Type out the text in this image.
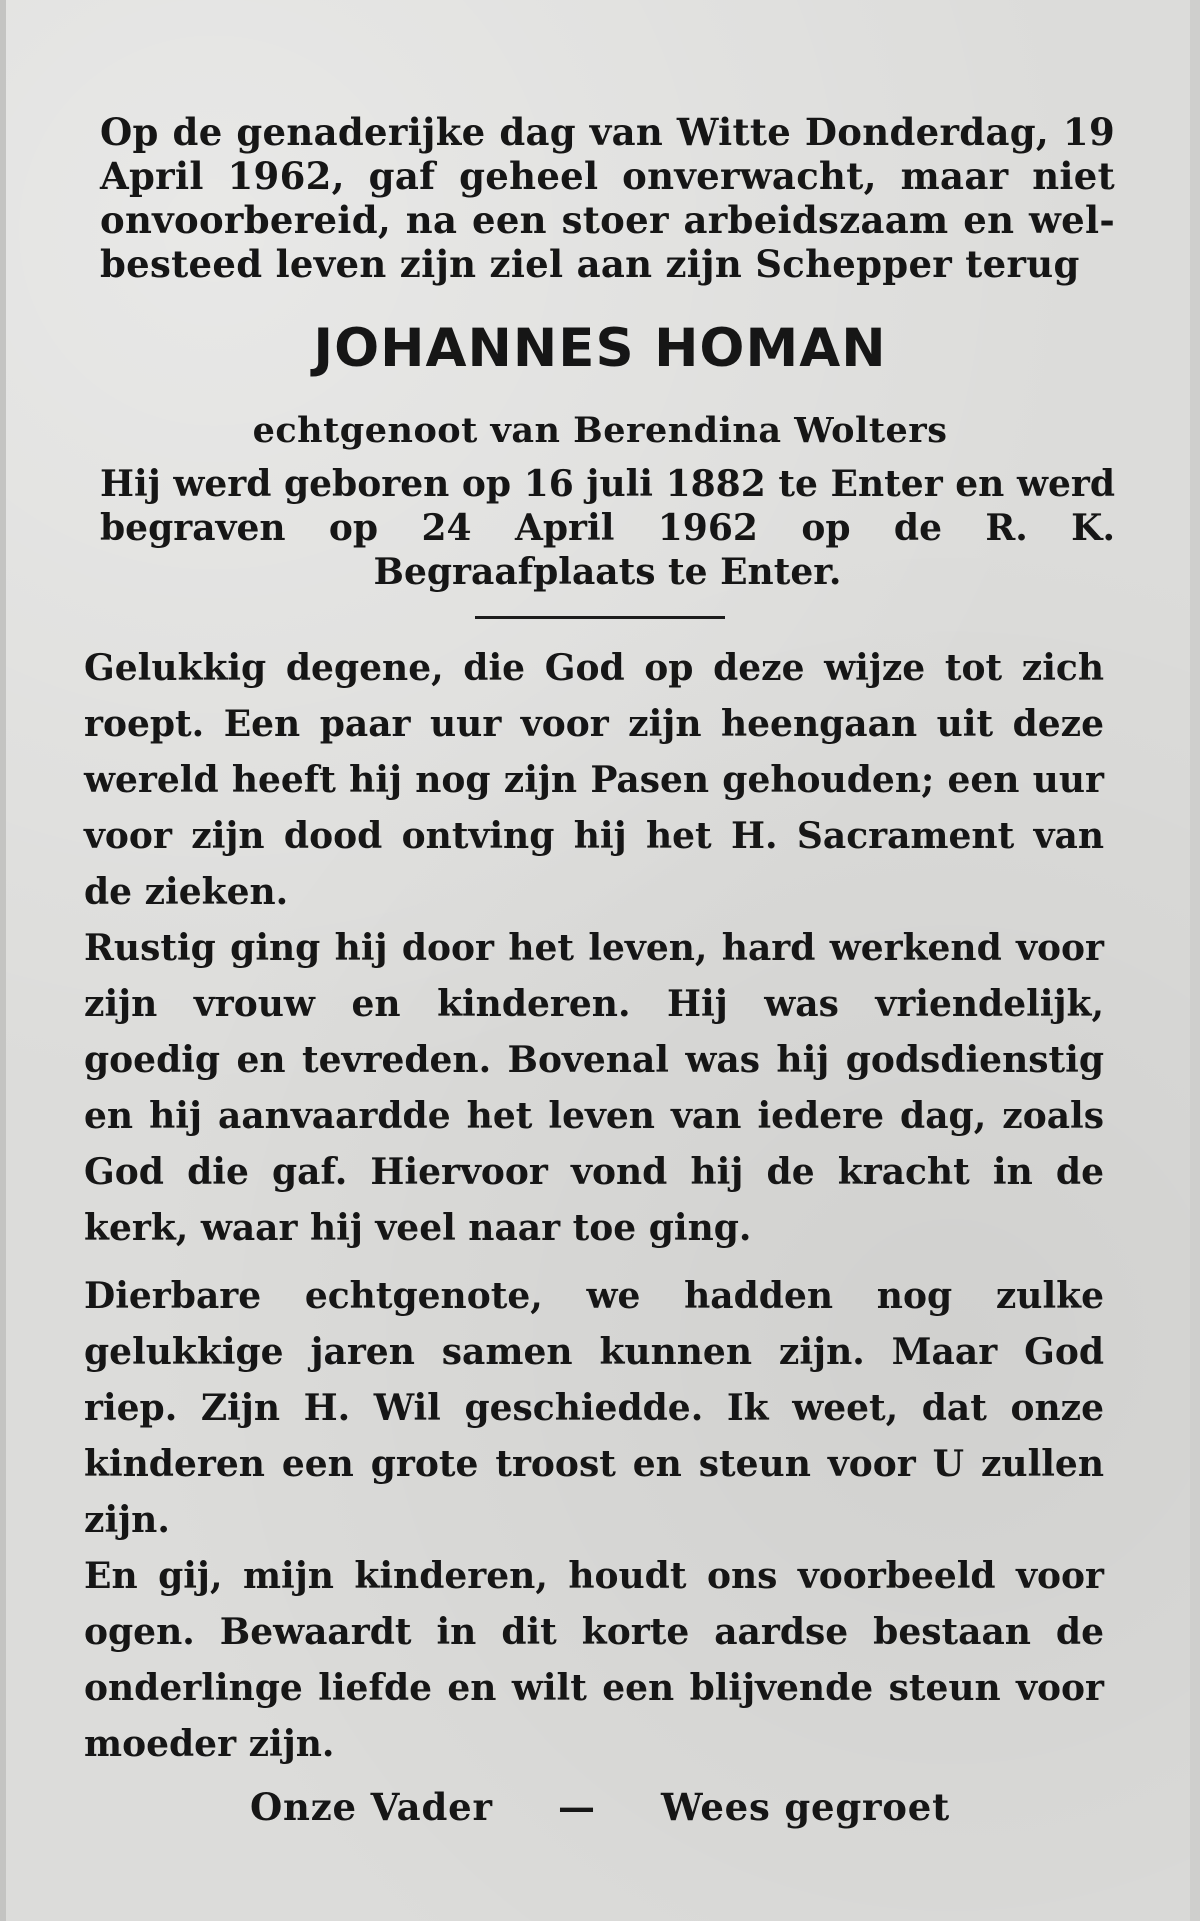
Op de genaderijke dag van Witte Donderdag, 19 April 1962, gaf geheel onverwacht, maar niet onvoorbereid, na een stoer arbeidszaam en wel-besteed leven zijn ziel aan zijn Schepper terug
JOHANNES HOMAN
echtgenoot van Berendina Wolters
Hij werd geboren op 16 juli 1882 te Enter en werd begraven op 24 April 1962 op de R. K. Begraafplaats te Enter.

Gelukkig degene, die God op deze wijze tot zich roept. Een paar uur voor zijn heengaan uit deze wereld heeft hij nog zijn Pasen gehouden; een uur voor zijn dood ontving hij het H. Sacrament van de zieken.

Rustig ging hij door het leven, hard werkend voor zijn vrouw en kinderen. Hij was vriendelijk, goedig en tevreden. Bovenal was hij godsdienstig en hij aanvaardde het leven van iedere dag, zoals God die gaf. Hiervoor vond hij de kracht in de kerk, waar hij veel naar toe ging.

Dierbare echtgenote, we hadden nog zulke gelukkige jaren samen kunnen zijn. Maar God riep. Zijn H. Wil geschiedde. Ik weet, dat onze kinderen een grote troost en steun voor U zullen zijn.

En gij, mijn kinderen, houdt ons voorbeeld voor ogen. Bewaardt in dit korte aardse bestaan de onderlinge liefde en wilt een blijvende steun voor moeder zijn.

Onze Vader — Wees gegroet
